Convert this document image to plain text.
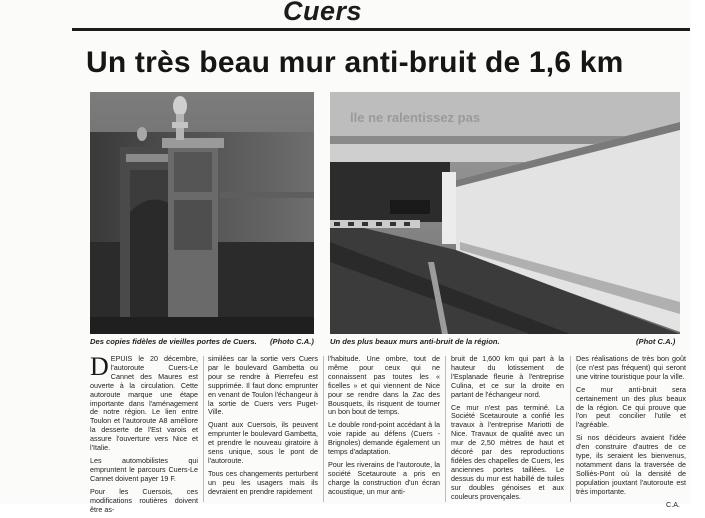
Cuers
Un très beau mur anti-bruit de 1,6 km
lle ne ralentissez pas
Des copies fidèles de vieilles portes de Cuers. (Photo C.A.) Un des plus beaux murs anti-bruit de la région.	(Phot C.A.)

DEPUIS le 20 décembre, l'autoroute Cuers-Le Cannet des Maures est ouverte à la circulation. Cette autoroute marque une étape importante dans l'aménagement de notre région. Le lien entre Toulon et l'autoroute A8 améliore la desserte de l'Est varois et assure l'ouverture vers Nice et l'Italie.

Les automobilistes qui empruntent le parcours Cuers-Le Cannet doivent payer 19 F.

Pour les Cuersois, ces modifications routières doivent être as-

similées car la sortie vers Cuers par le boulevard Gambetta ou pour se rendre à Pierrefeu est supprimée. Il faut donc emprunter en venant de Toulon l'échangeur à la sortie de Cuers vers Puget-Ville.

Quant aux Cuersois, ils peuvent emprunter le boulevard Gambetta, et prendre le nouveau giratoire à sens unique, sous le pont de l'autoroute.

Tous ces changements perturbent un peu les usagers mais ils devraient en prendre rapidement

l'habitude. Une ombre, tout de même pour ceux qui ne connaissent pas toutes les « ficelles » et qui viennent de Nice pour se rendre dans la Zac des Bousquets, ils risquent de tourner un bon bout de temps.

Le double rond-point accédant à la voie rapide au défens (Cuers - Brignoles) demande également un temps d'adaptation.

Pour les riverains de l'autoroute, la société Scetauroute a pris en charge la construction d'un écran acoustique, un mur anti-

bruit de 1,600 km qui part à la hauteur du lotissement de l'Esplanade fleurie à l'entreprise Culina, et ce sur la droite en partant de l'échangeur nord.

Ce mur n'est pas terminé. La Société Scetauroute a confié les travaux à l'entreprise Mariotti de Nice. Travaux de qualité avec un mur de 2,50 mètres de haut et décoré par des reproductions fidèles des chapelles de Cuers, les anciennes portes taillées. Le dessus du mur est habillé de tuiles sur doubles génoises et aux couleurs provençales.

Des réalisations de très bon goût (ce n'est pas fréquent) qui seront une vitrine touristique pour la ville.

Ce mur anti-bruit sera certainement un des plus beaux de la région. Ce qui prouve que l'on peut concilier l'utile et l'agréable.

Si nos décideurs avaient l'idée d'en construire d'autres de ce type, ils seraient les bienvenus, notamment dans la traversée de Solliès-Pont où la densité de population jouxtant l'autoroute est très importante.

C.A.
